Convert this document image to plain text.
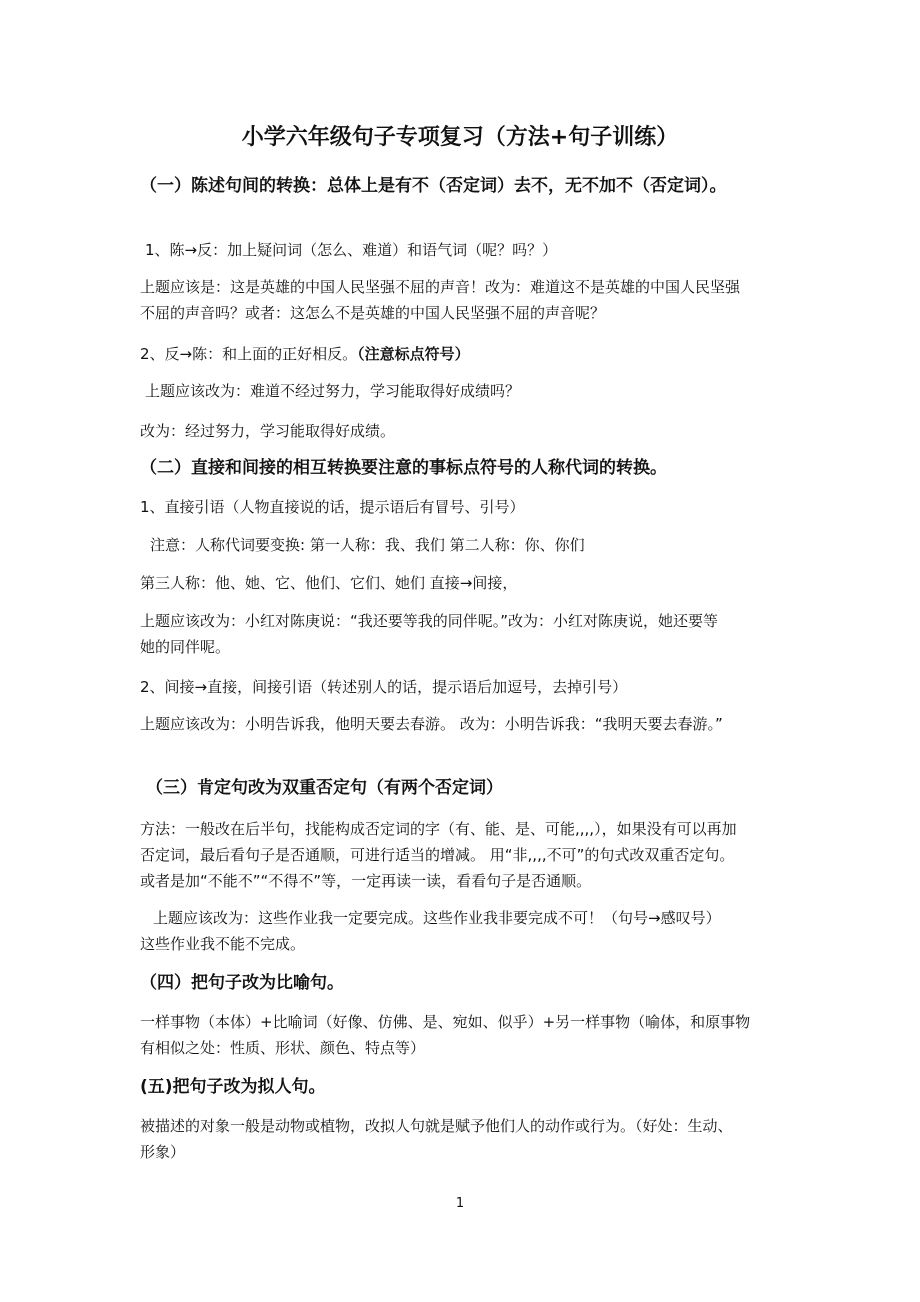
小学六年级句子专项复习（方法+句子训练）
（一）陈述句间的转换：总体上是有不（否定词）去不，无不加不（否定词）。
1、陈→反：加上疑问词（怎么、难道）和语气词（呢？吗？）
上题应该是：这是英雄的中国人民坚强不屈的声音！改为：难道这不是英雄的中国人民坚强
不屈的声音吗？或者：这怎么不是英雄的中国人民坚强不屈的声音呢？
2、反→陈：和上面的正好相反。（注意标点符号）
上题应该改为：难道不经过努力，学习能取得好成绩吗？
改为：经过努力，学习能取得好成绩。
（二）直接和间接的相互转换要注意的事标点符号的人称代词的转换。
1、直接引语（人物直接说的话，提示语后有冒号、引号）
注意：人称代词要变换: 第一人称：我、我们 第二人称：你、你们
第三人称：他、她、它、他们、它们、她们 直接→间接，
上题应该改为：小红对陈庚说：“我还要等我的同伴呢。”改为：小红对陈庚说，她还要等
她的同伴呢。
2、间接→直接，间接引语（转述别人的话，提示语后加逗号，去掉引号）
上题应该改为：小明告诉我，他明天要去春游。 改为：小明告诉我：“我明天要去春游。”
（三）肯定句改为双重否定句（有两个否定词）
方法：一般改在后半句，找能构成否定词的字（有、能、是、可能,,,,），如果没有可以再加
否定词，最后看句子是否通顺，可进行适当的增减。 用“非,,,,不可”的句式改双重否定句。
或者是加“不能不”“不得不”等，一定再读一读，看看句子是否通顺。
上题应该改为：这些作业我一定要完成。这些作业我非要完成不可！（句号→感叹号）
这些作业我不能不完成。
（四）把句子改为比喻句。
一样事物（本体）+比喻词（好像、仿佛、是、宛如、似乎）+另一样事物（喻体，和原事物
有相似之处：性质、形状、颜色、特点等）
(五)把句子改为拟人句。
被描述的对象一般是动物或植物，改拟人句就是赋予他们人的动作或行为。（好处：生动、
形象）
1
